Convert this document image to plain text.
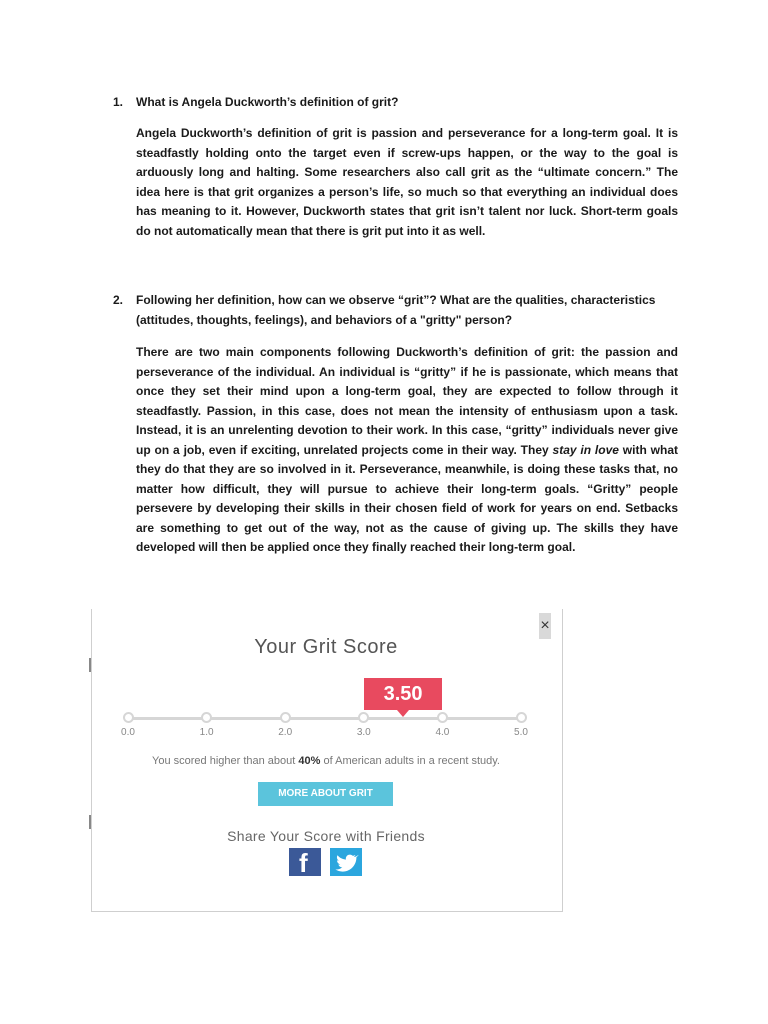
1. What is Angela Duckworth’s definition of grit?
Angela Duckworth’s definition of grit is passion and perseverance for a long-term goal. It is steadfastly holding onto the target even if screw-ups happen, or the way to the goal is arduously long and halting. Some researchers also call grit as the “ultimate concern.” The idea here is that grit organizes a person’s life, so much so that everything an individual does has meaning to it. However, Duckworth states that grit isn’t talent nor luck. Short-term goals do not automatically mean that there is grit put into it as well.
2. Following her definition, how can we observe “grit”? What are the qualities, characteristics (attitudes, thoughts, feelings), and behaviors of a "gritty" person?
There are two main components following Duckworth’s definition of grit: the passion and perseverance of the individual. An individual is “gritty” if he is passionate, which means that once they set their mind upon a long-term goal, they are expected to follow through it steadfastly. Passion, in this case, does not mean the intensity of enthusiasm upon a task. Instead, it is an unrelenting devotion to their work. In this case, “gritty” individuals never give up on a job, even if exciting, unrelated projects come in their way. They stay in love with what they do that they are so involved in it. Perseverance, meanwhile, is doing these tasks that, no matter how difficult, they will pursue to achieve their long-term goals. “Gritty” people persevere by developing their skills in their chosen field of work for years on end. Setbacks are something to get out of the way, not as the cause of giving up. The skills they have developed will then be applied once they finally reached their long-term goal.
×
Your Grit Score
0.0	1.0	2.0	3.0	4.0	5.0
3.50
You scored higher than about 40% of American adults in a recent study.
MORE ABOUT GRIT
Share Your Score with Friends
f
